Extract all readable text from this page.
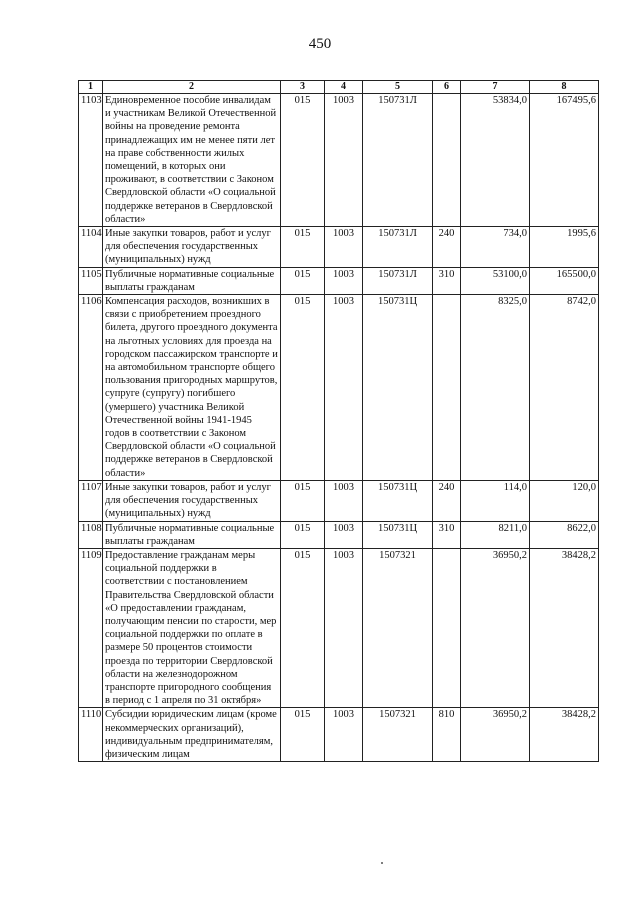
450
1	2	3	4	5	6	7	8
1103	Единовременное пособие инвалидам и участникам Великой Отечественной войны на проведение ремонта принадлежащих им не менее пяти лет на праве собственности жилых помещений, в которых они проживают, в соответствии с Законом Свердловской области «О социальной поддержке ветеранов в Свердловской области»	015	1003	150731Л		53834,0	167495,6
1104	Иные закупки товаров, работ и услуг для обеспечения государственных (муниципальных) нужд	015	1003	150731Л	240	734,0	1995,6
1105	Публичные нормативные социальные выплаты гражданам	015	1003	150731Л	310	53100,0	165500,0
1106	Компенсация расходов, возникших в связи с приобретением проездного билета, другого проездного документа на льготных условиях для проезда на городском пассажирском транспорте и на автомобильном транспорте общего пользования пригородных маршрутов, супруге (супругу) погибшего (умершего) участника Великой Отечественной войны 1941-1945 годов в соответствии с Законом Свердловской области «О социальной поддержке ветеранов в Свердловской области»	015	1003	150731Ц		8325,0	8742,0
1107	Иные закупки товаров, работ и услуг для обеспечения государственных (муниципальных) нужд	015	1003	150731Ц	240	114,0	120,0
1108	Публичные нормативные социальные выплаты гражданам	015	1003	150731Ц	310	8211,0	8622,0
1109	Предоставление гражданам меры социальной поддержки в соответствии с постановлением Правительства Свердловской области «О предоставлении гражданам, получающим пенсии по старости, мер социальной поддержки по оплате в размере 50 процентов стоимости проезда по территории Свердловской области на железнодорожном транспорте пригородного сообщения в период с 1 апреля по 31 октября»	015	1003	1507321		36950,2	38428,2
1110	Субсидии юридическим лицам (кроме некоммерческих организаций), индивидуальным предпринимателям, физическим лицам	015	1003	1507321	810	36950,2	38428,2
